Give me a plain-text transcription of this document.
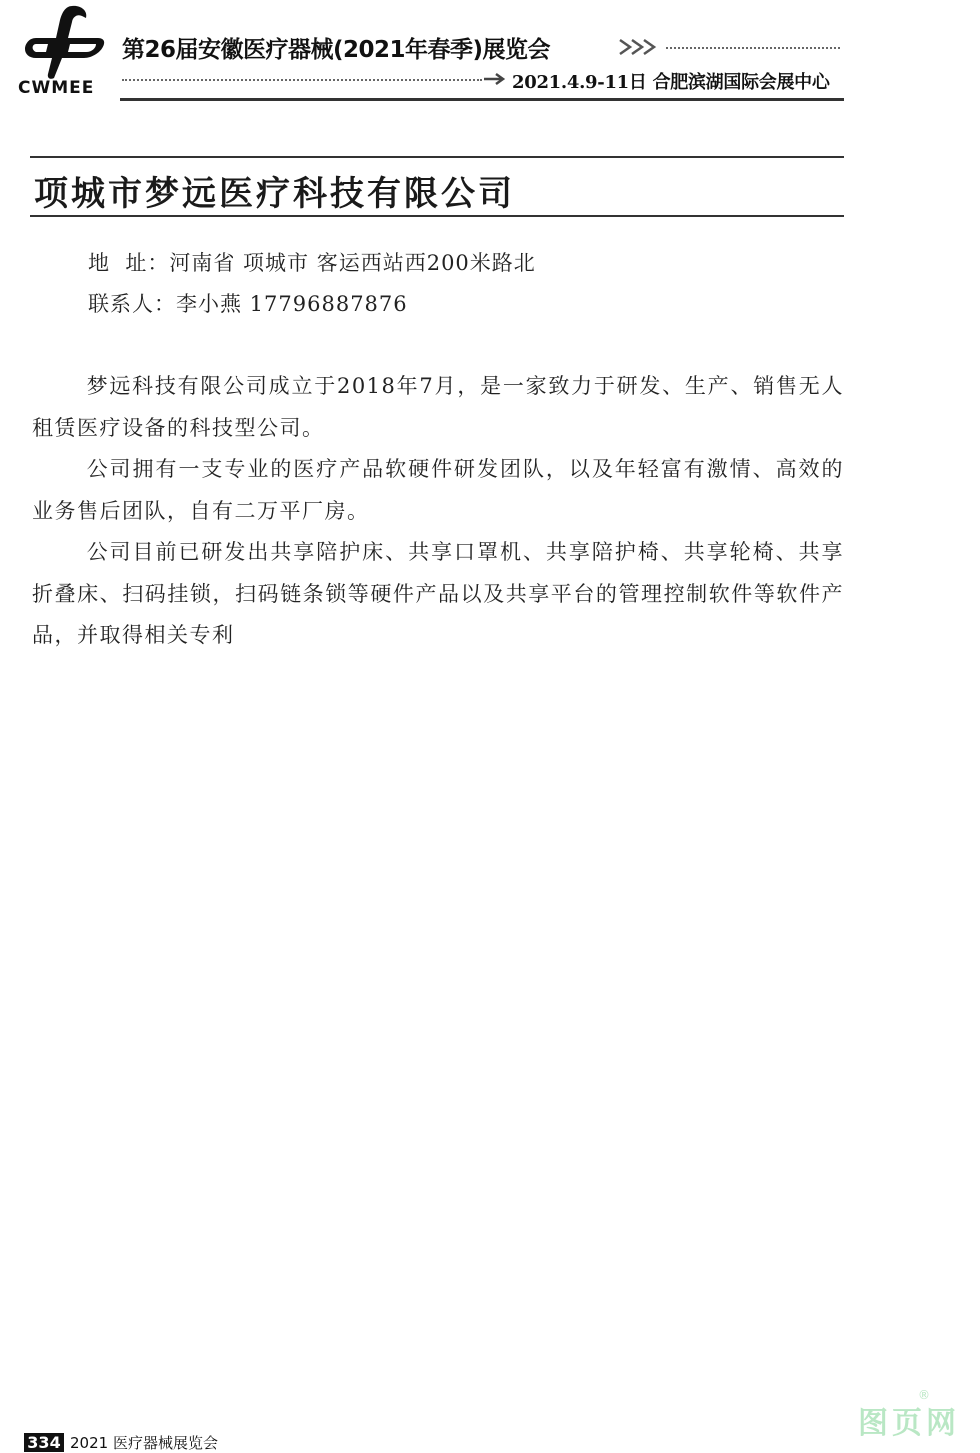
CWMEE
第26届安徽医疗器械(2021年春季)展览会
2021.4.9-11日 合肥滨湖国际会展中心
项城市梦远医疗科技有限公司
地  址：河南省 项城市 客运西站西200米路北
联系人：李小燕 17796887876

梦远科技有限公司成立于2018年7月，是一家致力于研发、生产、销售无人租赁医疗设备的科技型公司。

公司拥有一支专业的医疗产品软硬件研发团队，以及年轻富有激情、高效的业务售后团队，自有二万平厂房。

公司目前已研发出共享陪护床、共享口罩机、共享陪护椅、共享轮椅、共享折叠床、扫码挂锁，扫码链条锁等硬件产品以及共享平台的管理控制软件等软件产品，并取得相关专利

334 2021 医疗器械展览会
图页网
®
